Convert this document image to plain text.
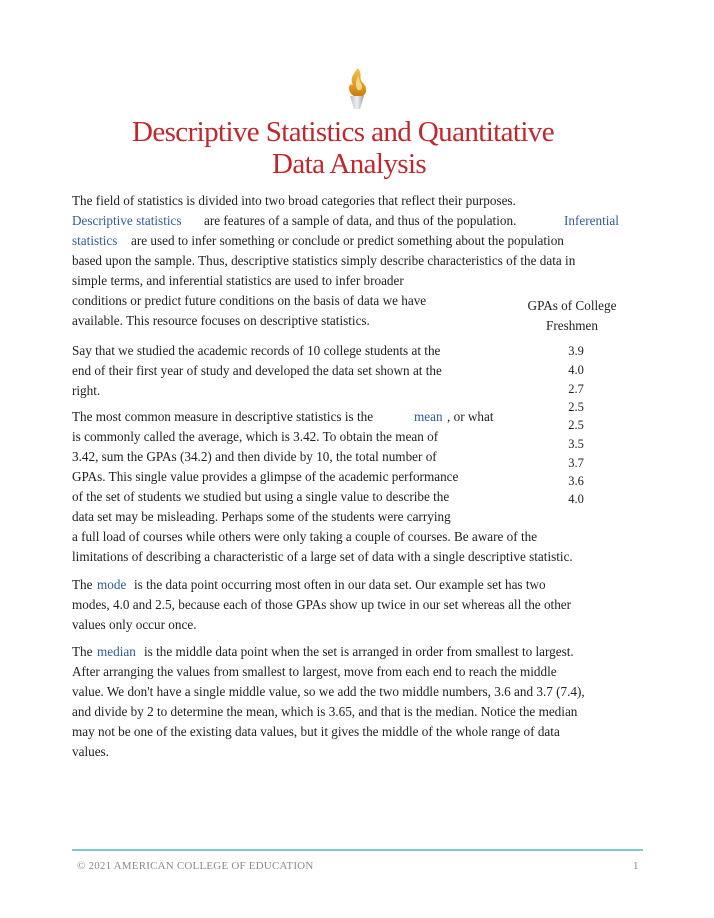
Descriptive Statistics and Quantitative
Data Analysis
The field of statistics is divided into two broad categories that reflect their purposes.
Descriptive statistics are features of a sample of data, and thus of the population.	Inferential
statistics are used to infer something or conclude or predict something about the population
based upon the sample. Thus, descriptive statistics simply describe characteristics of the data in
simple terms, and inferential statistics are used to infer broader
conditions or predict future conditions on the basis of data we have
available. This resource focuses on descriptive statistics.
GPAs of College
Freshmen
3.9
4.0
2.7
2.5
2.5
3.5
3.7
3.6
4.0
Say that we studied the academic records of 10 college students at the
end of their first year of study and developed the data set shown at the
right.
The most common measure in descriptive statistics is the	mean , or what
is commonly called the average, which is 3.42. To obtain the mean of
3.42, sum the GPAs (34.2) and then divide by 10, the total number of
GPAs. This single value provides a glimpse of the academic performance
of the set of students we studied but using a single value to describe the
data set may be misleading. Perhaps some of the students were carrying
a full load of courses while others were only taking a couple of courses. Be aware of the
limitations of describing a characteristic of a large set of data with a single descriptive statistic.
The mode is the data point occurring most often in our data set. Our example set has two
modes, 4.0 and 2.5, because each of those GPAs show up twice in our set whereas all the other
values only occur once.
The median is the middle data point when the set is arranged in order from smallest to largest.
After arranging the values from smallest to largest, move from each end to reach the middle
value. We don't have a single middle value, so we add the two middle numbers, 3.6 and 3.7 (7.4),
and divide by 2 to determine the mean, which is 3.65, and that is the median. Notice the median
may not be one of the existing data values, but it gives the middle of the whole range of data
values.
© 2021 AMERICAN COLLEGE OF EDUCATION	1
